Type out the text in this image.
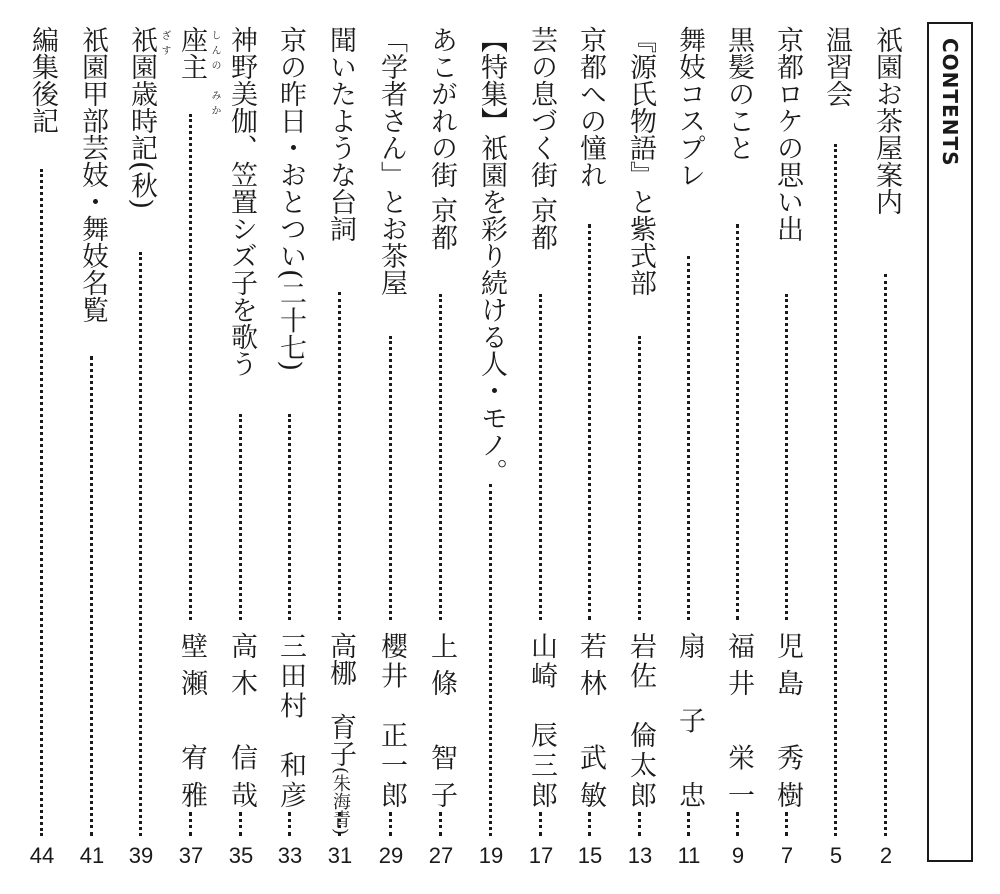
CONTENTS
祇園お茶屋案内
2
温習会
5
京都ロケの思い出
児島　秀樹
7
黒髪のこと
福井　栄一
9
舞妓コスプレ
扇　子　忠
11
『源氏物語』と紫式部
岩佐　倫太郎
13
京都への憧れ
若林　武敏
15
芸の息づく街 京都
山崎　辰三郎
17
【特集】祇園を彩り続ける人・モノ。
19
あこがれの街 京都
上條　智子
27
「学者さん」とお茶屋
櫻井　正一郎
29
聞いたような台詞
高梛　育子(朱海青)
31
京の昨日・おとつい(二十七)
三田村　和彦
33
神野美伽、笠置シズ子を歌う
しんの　みか
高木　信哉
35
座主
ざす
壁瀬　宥雅
37
祇園歳時記(秋)
39
祇園甲部芸妓・舞妓名覧
41
編集後記
44
